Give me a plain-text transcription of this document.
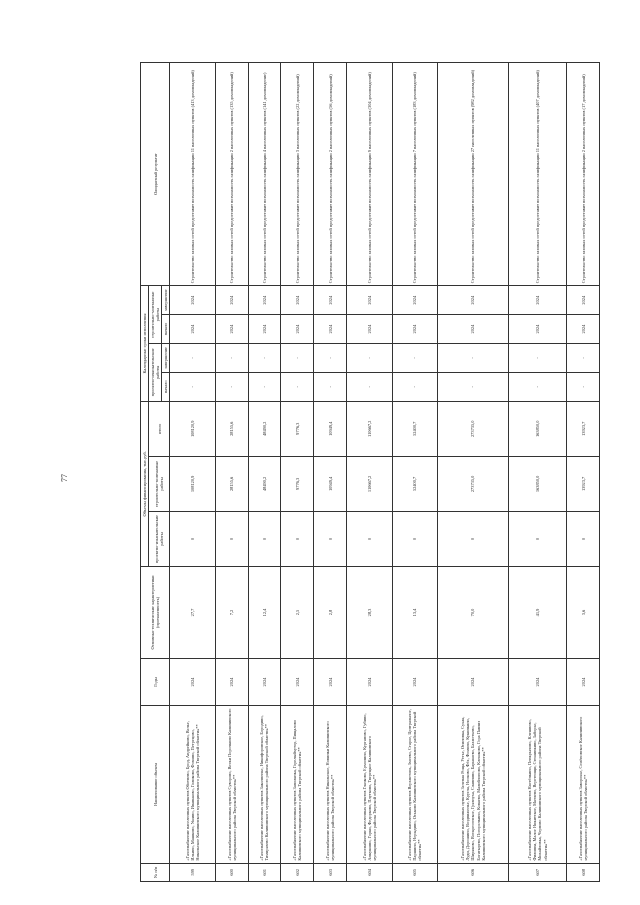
77
№ п/п	Наименование объекта	Годы	Основные технические характеристики (протяженность)	Объемы финансирования, тыс.руб.			Календарные сроки исполнения				Ожидаемый результат
				проектно-изыскательские работы	строительно-монтажные работы	итого	проектно-изыскательские работы		строительно-монтажные работы		
							начало	завершение	начало	завершение	
599	«Газоснабжение населенных пунктов Оботнево, Брод, Андрейково, Велье, Ильино, Машково, Ушино, Иваньково, Голиково, Фомино, Петрецово, Никольское Калининского муниципального района Тверской области»**	2024	27,7	0	108120,9	108120,9	-	-	2024	2024	Строительство газовых сетей предоставит возможность газификации 11 населенных пунктов (413 домовладений)
600	«Газоснабжение населенных пунктов Суворово, Вески Порочкино Калининского муниципального района Тверской области»**	2024	7,2	0	28155,6	28155,6	-	-	2024	2024	Строительство газовых сетей предоставит возможность газификации 2 населенных пунктов (135 домовладений)
601	«Газоснабжение населенных пунктов Заколпенье, Никифоровское, Бородино, Тимирязево Калининского муниципального района Тверской области»**	2024	12,4	0	48490,2	48490,2	-	-	2024	2024	Строительство газовых сетей предоставит возможность газификации 4 населенных пунктов (141 домовладение)
602	«Газоснабжение населенных пунктов Заполянка, Горелыйхутор, Пищалово Калининского муниципального района Тверской области»**	2024	2,5	0	9776,3	9776,3	-	-	2024	2024	Строительство газовых сетей предоставит возможность газификации 3 населенных пунктов (22 домовладений)
603	«Газоснабжение населенных пунктов Никольское, Новинки Калининского муниципального района Тверской области»**	2024	2,8	0	10949,4	10949,4	-	-	2024	2024	Строительство газовых сетей предоставит возможность газификации 2 населенных пунктов (56 домовладений)
604	«Газоснабжение населенных пунктов Глазково, Ермолино, Курганово, Губино, Анкушино, Горки, Федорково, Плутково, Тверецкое Калининского муниципального района Тверской области»**	2024	28,3	0	110667,2	110667,2	-	-	2024	2024	Строительство газовых сетей предоставит возможность газификации 9 населенных пунктов (304 домовладений)
605	«Газоснабжение населенных пунктов Верхнетопь, Змеево, Старое, Центральное, Паршино, Нерыдино, Оськово Калининского муниципального района Тверской области»**	2024	13,4	0	52400,7	52400,7	-	-	2024	2024	Строительство газовых сетей предоставит возможность газификации 7 населенных пунктов (183 домовладений)
606	«Газоснабжение населенных пунктов Зеленая Роща, Устье, Осиновка, Сухая, Луди, Дорошино, Воздвиженье, Кругла, Носково, Фёх, Фомино, Кукинкино, Ширяково, Воскресенское, Грязнуха, Славнино, Барышево, Бахметьево, Богатырево, Погорелкино, Коваево, Малиблопово, Клешково, Гора Павлиз Калининского муниципального района Тверской области»**	2024	70,0	0	273735,0	273735,0	-	-	2024	2024	Строительство газовых сетей предоставит возможность газификации 27 населенных пунктов (982 домовладений)
607	«Газоснабжение населенных пунктов Настёнкино, Пенкрылово, Клешнево, Филиппа, Малое Никитское, Мятлево, Веретеищи, Стешинкино, Заборье, Михайловка, Черново Калининского муниципального района Тверской области»**	2024	41,9	0	163850,0	163850,0	-	-	2024	2024	Строительство газовых сетей предоставит возможность газификации 11 населенных пунктов (407 домовладений)
608	«Газоснабжение населенных пунктов Заворохье, Семёновское Калининского муниципального района Тверской области»**	2024	3,6	0	13923,7	13923,7	-	-	2024	2024	Строительство газовых сетей предоставит возможность газификации 2 населенных пунктов (17 домовладений)
